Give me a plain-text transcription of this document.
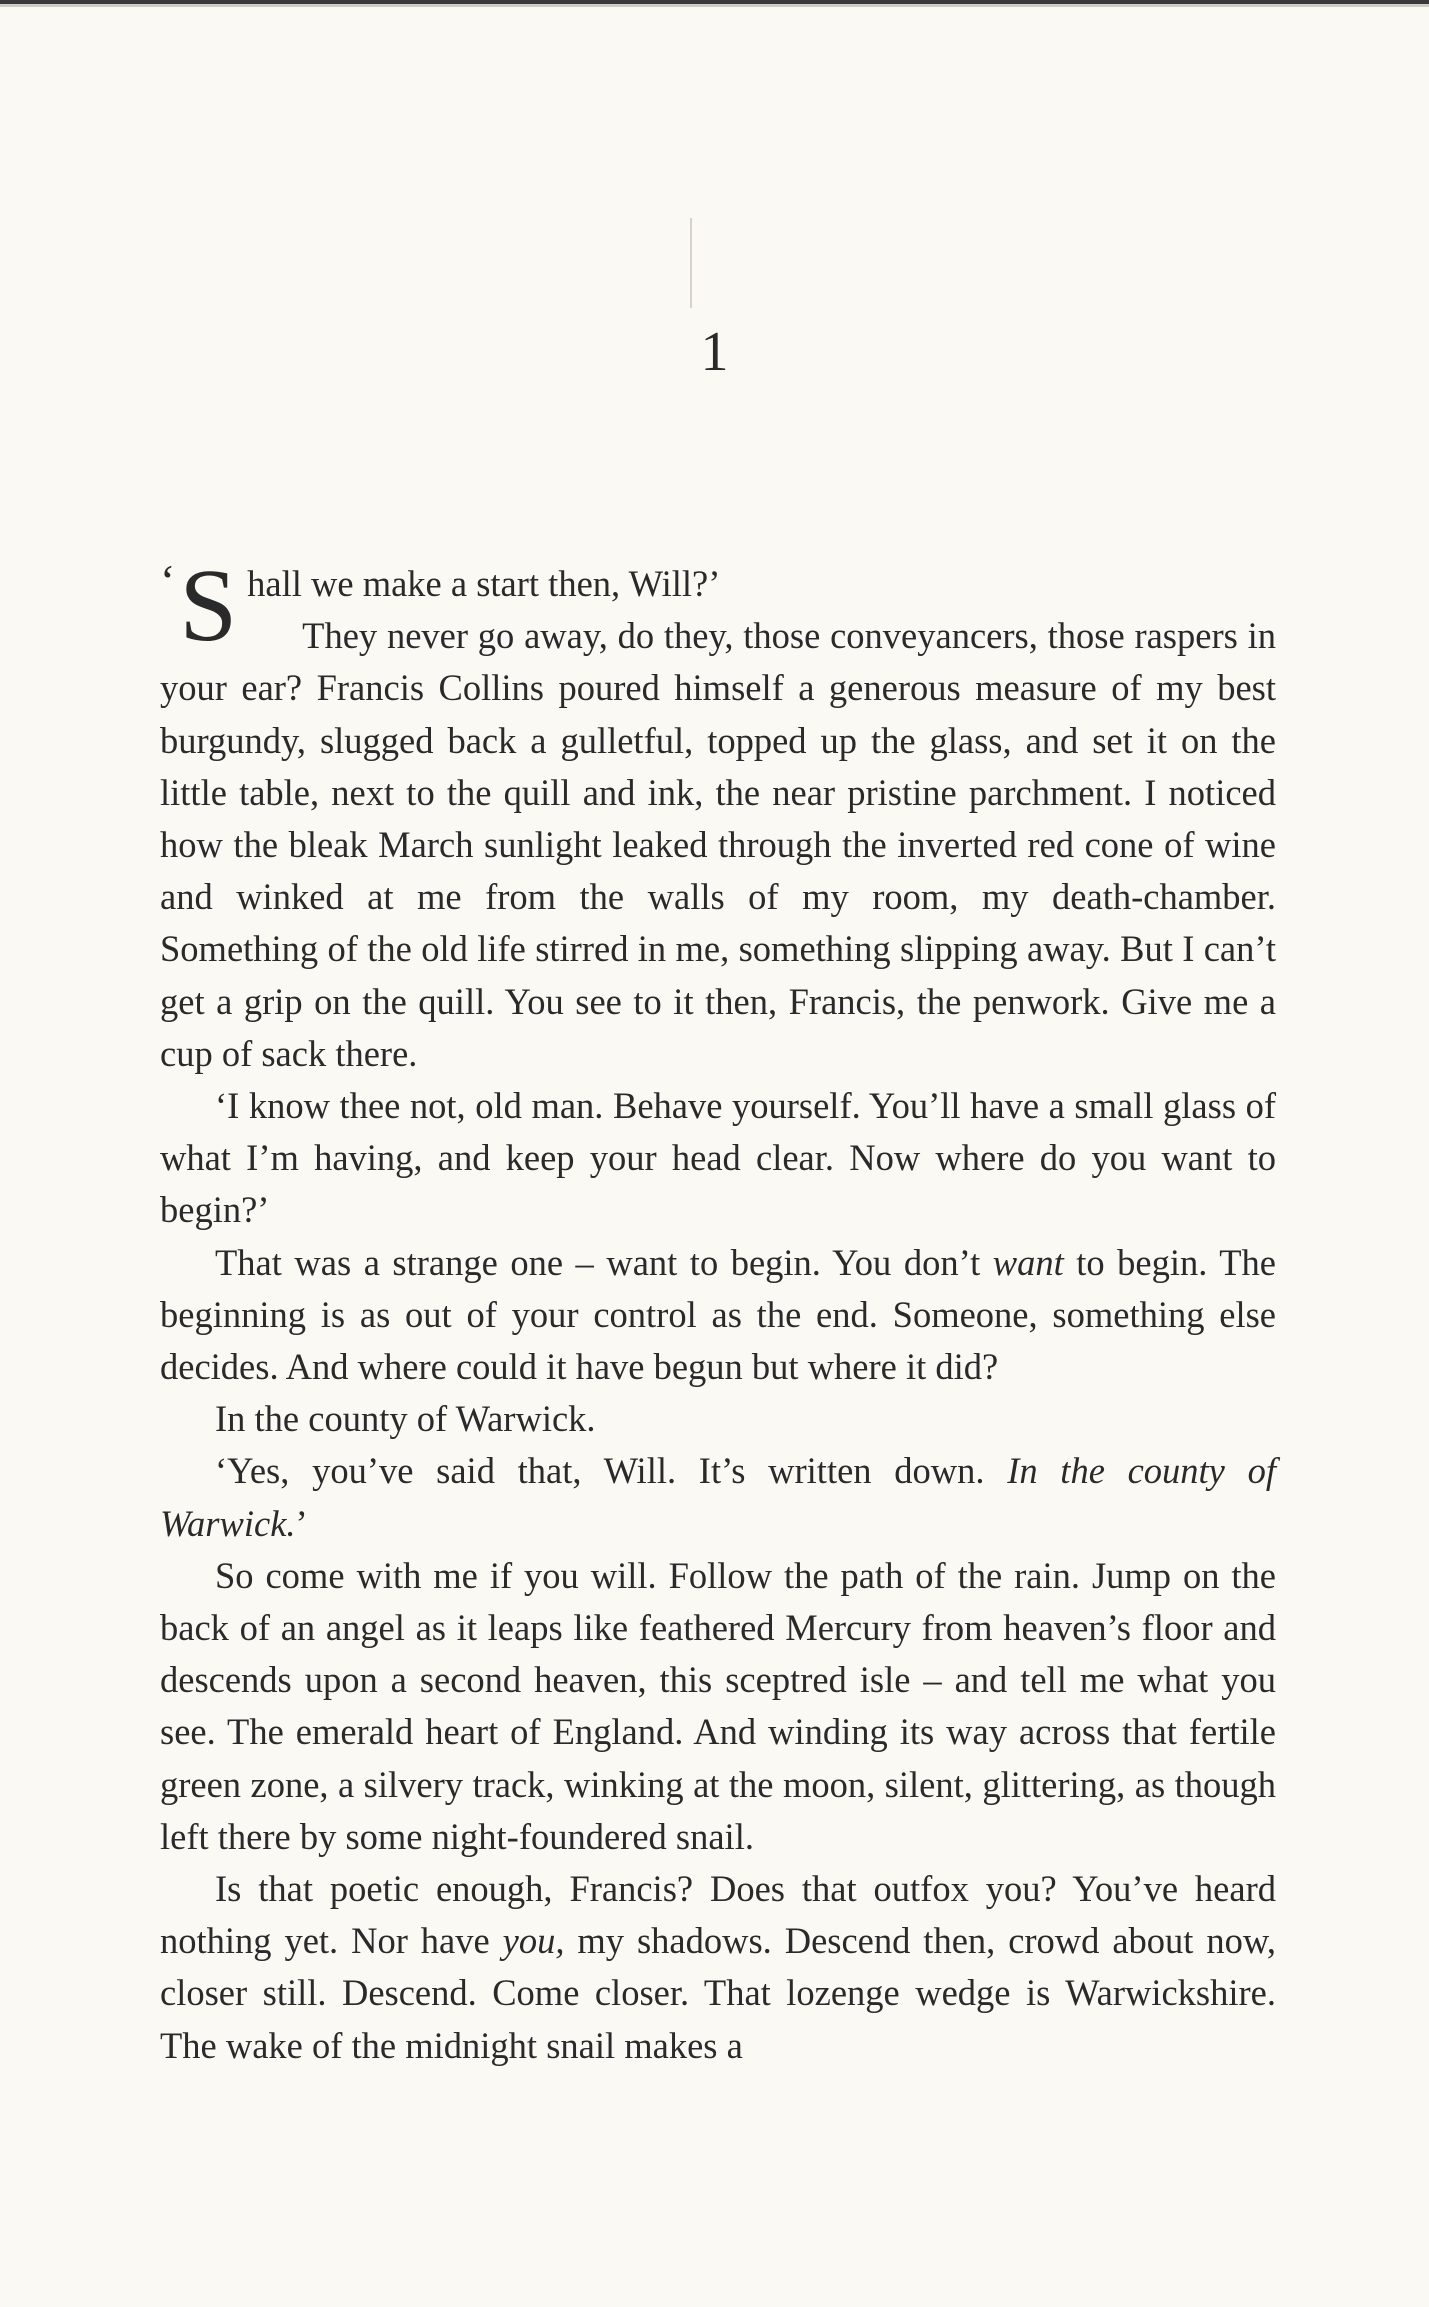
1

‘ S hall we make a start then, Will?’
They never go away, do they, those conveyancers, those raspers in your ear? Francis Collins poured himself a generous measure of my best burgundy, slugged back a gulletful, topped up the glass, and set it on the little table, next to the quill and ink, the near pristine parchment. I noticed how the bleak March sunlight leaked through the inverted red cone of wine and winked at me from the walls of my room, my death-chamber. Something of the old life stirred in me, something slipping away. But I can’t get a grip on the quill. You see to it then, Francis, the penwork. Give me a cup of sack there.

‘I know thee not, old man. Behave yourself. You’ll have a small glass of what I’m having, and keep your head clear. Now where do you want to begin?’

That was a strange one – want to begin. You don’t want to begin. The beginning is as out of your control as the end. Someone, something else decides. And where could it have begun but where it did?

In the county of Warwick.

‘Yes, you’ve said that, Will. It’s written down. In the county of Warwick.’

So come with me if you will. Follow the path of the rain. Jump on the back of an angel as it leaps like feathered Mercury from heaven’s floor and descends upon a second heaven, this sceptred isle – and tell me what you see. The emerald heart of England. And winding its way across that fertile green zone, a silvery track, winking at the moon, silent, glittering, as though left there by some night-foundered snail.

Is that poetic enough, Francis? Does that outfox you? You’ve heard nothing yet. Nor have you, my shadows. Descend then, crowd about now, closer still. Descend. Come closer. That lozenge wedge is Warwickshire. The wake of the midnight snail makes a
